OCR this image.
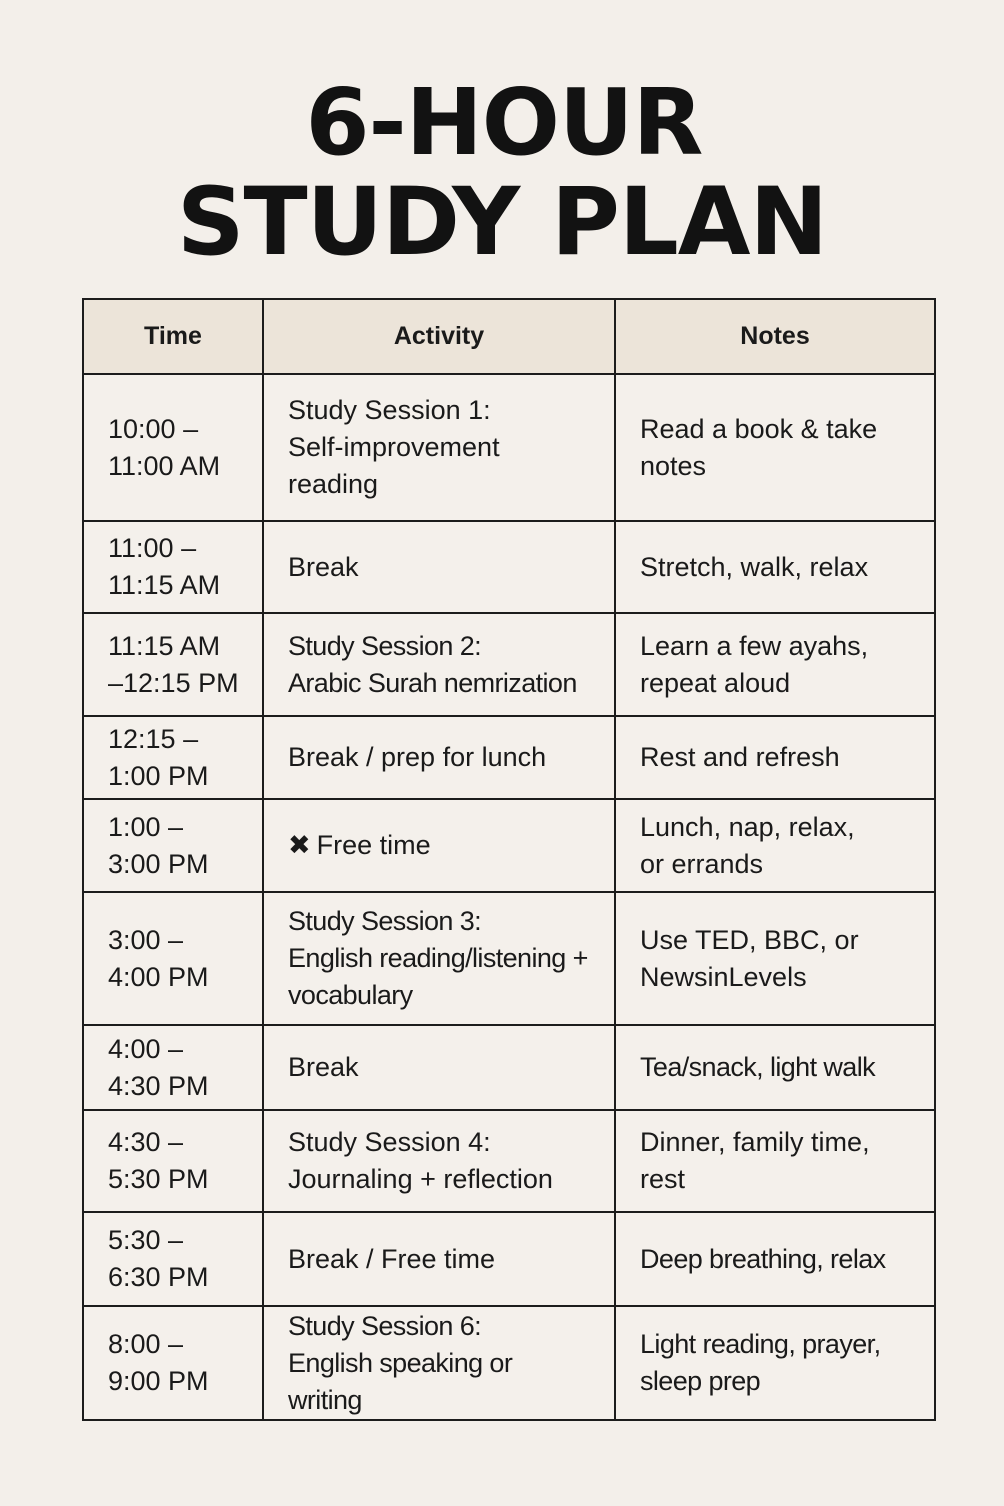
6-HOUR
STUDY PLAN
Time	Activity	Notes
10:00 –
11:00 AM	Study Session 1:
Self-improvement
reading	Read a book & take
notes
11:00 –
11:15 AM	Break	Stretch, walk, relax
11:15 AM
–12:15 PM	Study Session 2:
Arabic Surah nemrization	Learn a few ayahs,
repeat aloud
12:15 –
1:00 PM	Break / prep for lunch	Rest and refresh
1:00 –
3:00 PM	✖ Free time	Lunch, nap, relax,
or errands
3:00 –
4:00 PM	Study Session 3:
English reading/listening +
vocabulary	Use TED, BBC, or
NewsinLevels
4:00 –
4:30 PM	Break	Tea/snack, light walk
4:30 –
5:30 PM	Study Session 4:
Journaling + reflection	Dinner, family time,
rest
5:30 –
6:30 PM	Break / Free time	Deep breathing, relax
8:00 –
9:00 PM	Study Session 6:
English speaking or writing	Light reading, prayer,
sleep prep
